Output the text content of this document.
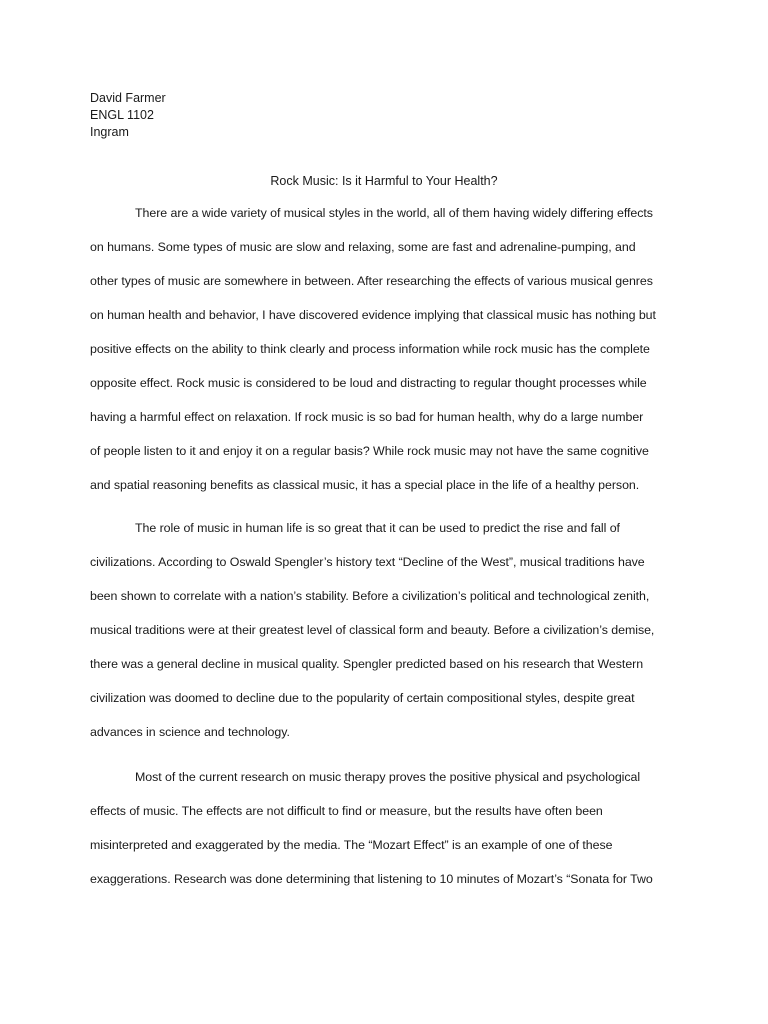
David Farmer
ENGL 1102
Ingram
Rock Music: Is it Harmful to Your Health?
There are a wide variety of musical styles in the world, all of them having widely differing effects
on humans. Some types of music are slow and relaxing, some are fast and adrenaline-pumping, and
other types of music are somewhere in between. After researching the effects of various musical genres
on human health and behavior, I have discovered evidence implying that classical music has nothing but
positive effects on the ability to think clearly and process information while rock music has the complete
opposite effect. Rock music is considered to be loud and distracting to regular thought processes while
having a harmful effect on relaxation. If rock music is so bad for human health, why do a large number
of people listen to it and enjoy it on a regular basis? While rock music may not have the same cognitive
and spatial reasoning benefits as classical music, it has a special place in the life of a healthy person.
The role of music in human life is so great that it can be used to predict the rise and fall of
civilizations. According to Oswald Spengler’s history text “Decline of the West”, musical traditions have
been shown to correlate with a nation’s stability. Before a civilization’s political and technological zenith,
musical traditions were at their greatest level of classical form and beauty. Before a civilization’s demise,
there was a general decline in musical quality. Spengler predicted based on his research that Western
civilization was doomed to decline due to the popularity of certain compositional styles, despite great
advances in science and technology.
Most of the current research on music therapy proves the positive physical and psychological
effects of music. The effects are not difficult to find or measure, but the results have often been
misinterpreted and exaggerated by the media. The “Mozart Effect” is an example of one of these
exaggerations. Research was done determining that listening to 10 minutes of Mozart’s “Sonata for Two
